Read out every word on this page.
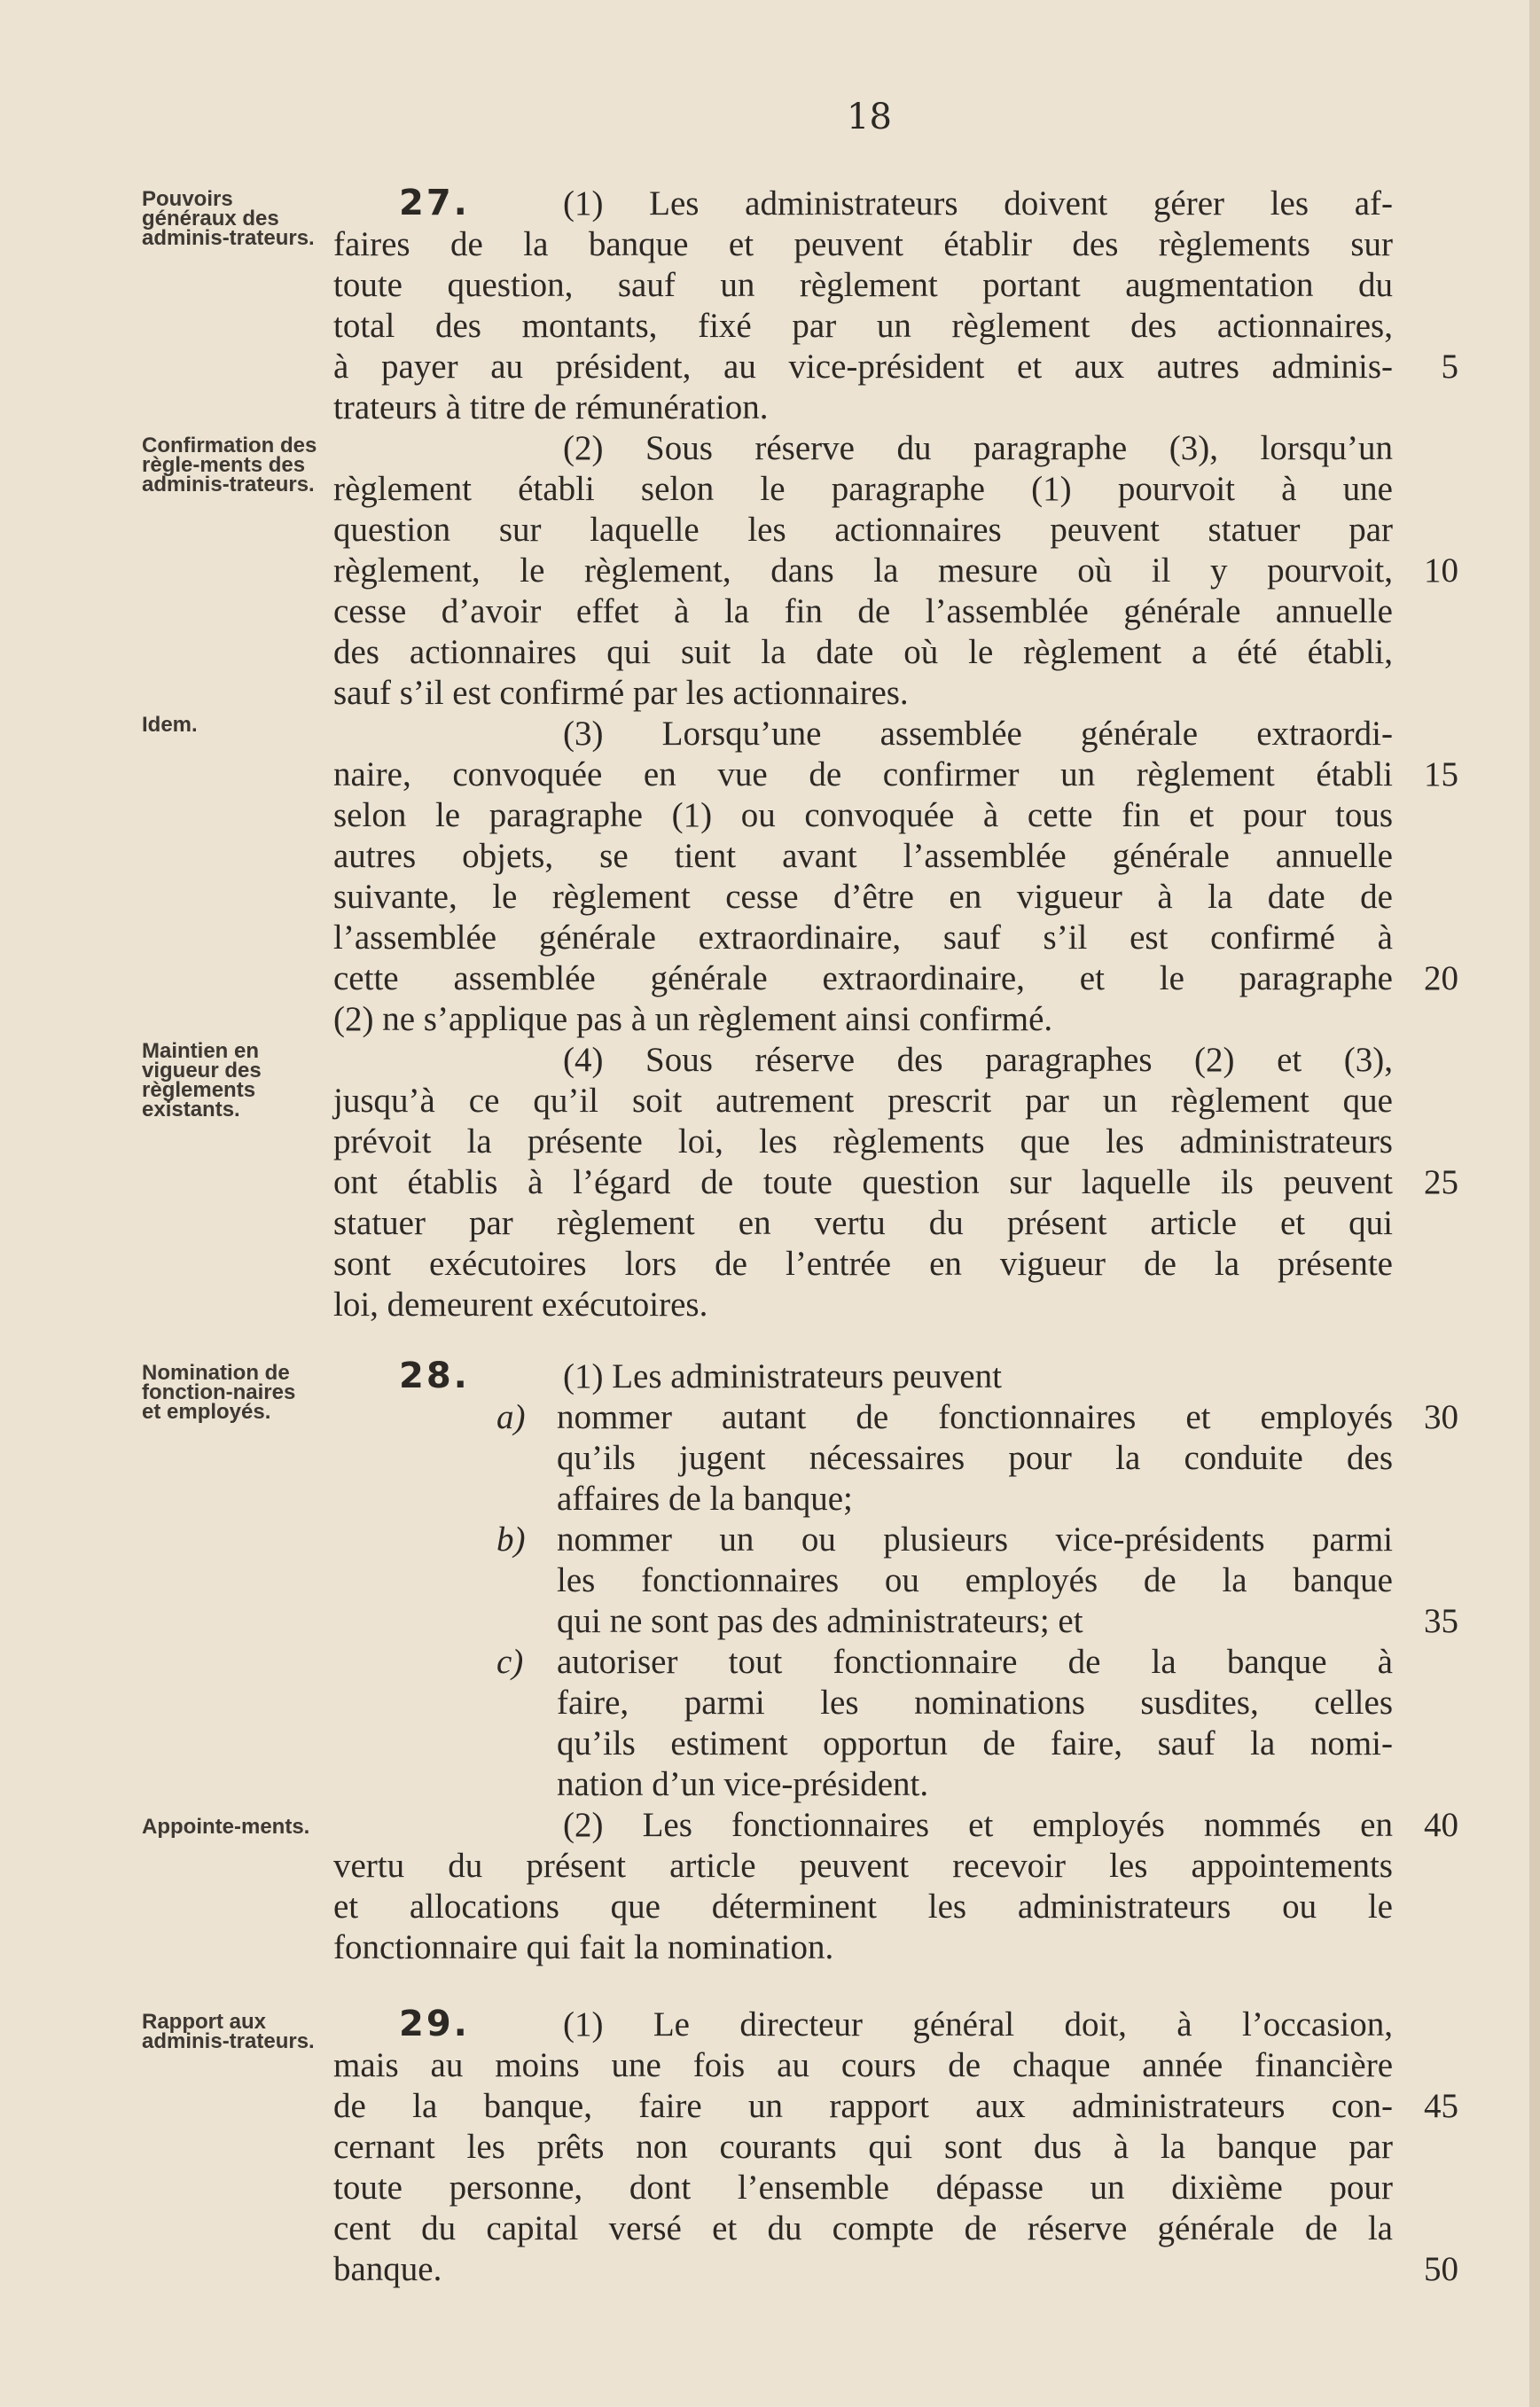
18
Pouvoirs généraux des adminis-trateurs.
Confirmation des règle-ments des adminis-trateurs.
Idem.
Maintien en vigueur des règlements existants.
Nomination de fonction-naires et employés.
Appointe-ments.
Rapport aux adminis-trateurs.
27.	(1) Les administrateurs doivent gérer les af-
faires de la banque et peuvent établir des règlements sur
toute question, sauf un règlement portant augmentation du
total des montants, fixé par un règlement des actionnaires,
à payer au président, au vice-président et aux autres adminis-	5
trateurs à titre de rémunération.
(2) Sous réserve du paragraphe (3), lorsqu’un
règlement établi selon le paragraphe (1) pourvoit à une
question sur laquelle les actionnaires peuvent statuer par
règlement, le règlement, dans la mesure où il y pourvoit, 10
cesse d’avoir effet à la fin de l’assemblée générale annuelle
des actionnaires qui suit la date où le règlement a été établi,
sauf s’il est confirmé par les actionnaires.
(3) Lorsqu’une assemblée générale extraordi-
naire, convoquée en vue de confirmer un règlement établi 15
selon le paragraphe (1) ou convoquée à cette fin et pour tous
autres objets, se tient avant l’assemblée générale annuelle
suivante, le règlement cesse d’être en vigueur à la date de
l’assemblée générale extraordinaire, sauf s’il est confirmé à
cette assemblée générale extraordinaire, et le paragraphe 20
(2) ne s’applique pas à un règlement ainsi confirmé.
(4) Sous réserve des paragraphes (2) et (3),
jusqu’à ce qu’il soit autrement prescrit par un règlement que
prévoit la présente loi, les règlements que les administrateurs
ont établis à l’égard de toute question sur laquelle ils peuvent 25
statuer par règlement en vertu du présent article et qui
sont exécutoires lors de l’entrée en vigueur de la présente
loi, demeurent exécutoires.
28.	(1) Les administrateurs peuvent
a) nommer autant de fonctionnaires et employés 30
qu’ils jugent nécessaires pour la conduite des
affaires de la banque;
b) nommer un ou plusieurs vice-présidents parmi
les fonctionnaires ou employés de la banque
qui ne sont pas des administrateurs; et	35
c) autoriser tout fonctionnaire de la banque à
faire, parmi les nominations susdites, celles
qu’ils estiment opportun de faire, sauf la nomi-
nation d’un vice-président.
(2) Les fonctionnaires et employés nommés en 40
vertu du présent article peuvent recevoir les appointements
et allocations que déterminent les administrateurs ou le
fonctionnaire qui fait la nomination.
29.	(1) Le directeur général doit, à l’occasion,
mais au moins une fois au cours de chaque année financière
de la banque, faire un rapport aux administrateurs con- 45
cernant les prêts non courants qui sont dus à la banque par
toute personne, dont l’ensemble dépasse un dixième pour
cent du capital versé et du compte de réserve générale de la
banque.	50
